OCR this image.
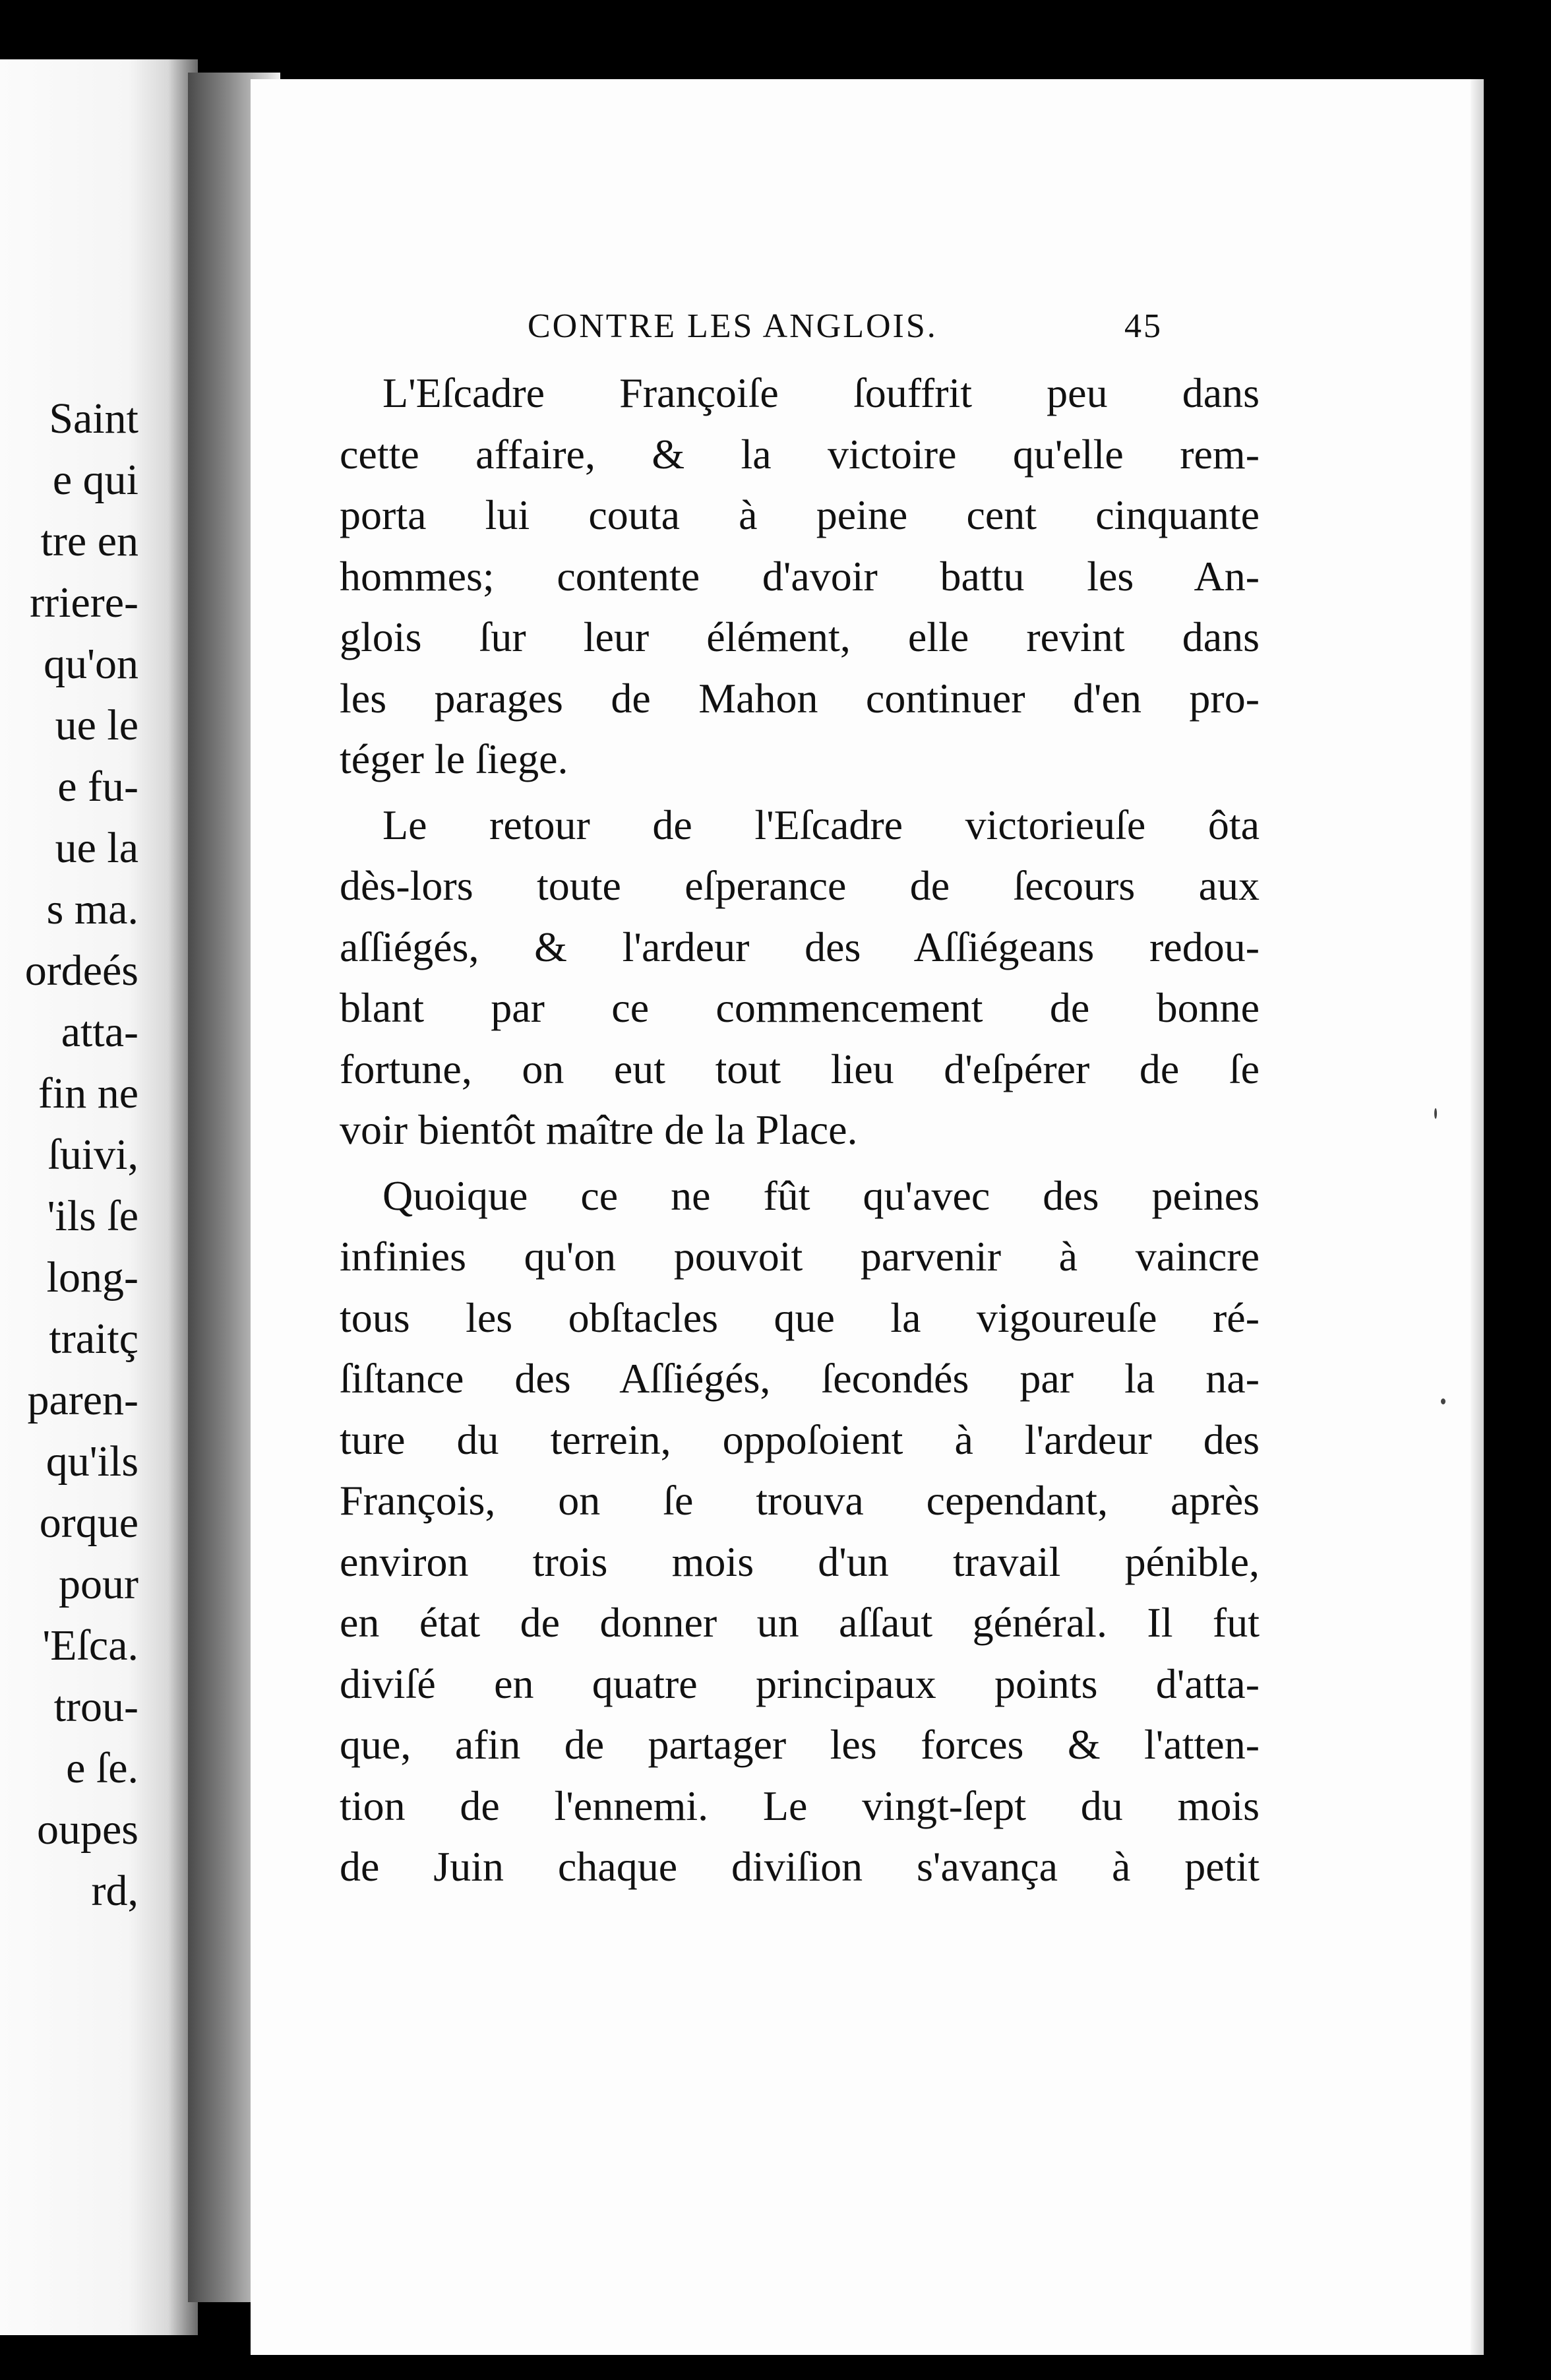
Saint
e qui
tre en
rriere-
qu'on
ue le
e fu-
ue la
s ma.
ordeés
atta-
fin ne
ſuivi,
'ils ſe
long-
traitç
paren-
qu'ils
orque
pour
'Eſca.
trou-
e ſe.
oupes
rd,
CONTRE LES ANGLOIS.	45
L'Eſcadre Françoiſe ſouffrit peu dans
cette affaire, & la victoire qu'elle rem-
porta lui couta à peine cent cinquante
hommes; contente d'avoir battu les An-
glois ſur leur élément, elle revint dans
les parages de Mahon continuer d'en pro-
téger le ſiege.
Le retour de l'Eſcadre victorieuſe ôta
dès-lors toute eſperance de ſecours aux
aſſiégés, & l'ardeur des Aſſiégeans redou-
blant par ce commencement de bonne
fortune, on eut tout lieu d'eſpérer de ſe
voir bientôt maître de la Place.
Quoique ce ne fût qu'avec des peines
infinies qu'on pouvoit parvenir à vaincre
tous les obſtacles que la vigoureuſe ré-
ſiſtance des Aſſiégés, ſecondés par la na-
ture du terrein, oppoſoient à l'ardeur des
François, on ſe trouva cependant, après
environ trois mois d'un travail pénible,
en état de donner un aſſaut général. Il fut
diviſé en quatre principaux points d'atta-
que, afin de partager les forces & l'atten-
tion de l'ennemi. Le vingt-ſept du mois
de Juin chaque diviſion s'avança à petit
